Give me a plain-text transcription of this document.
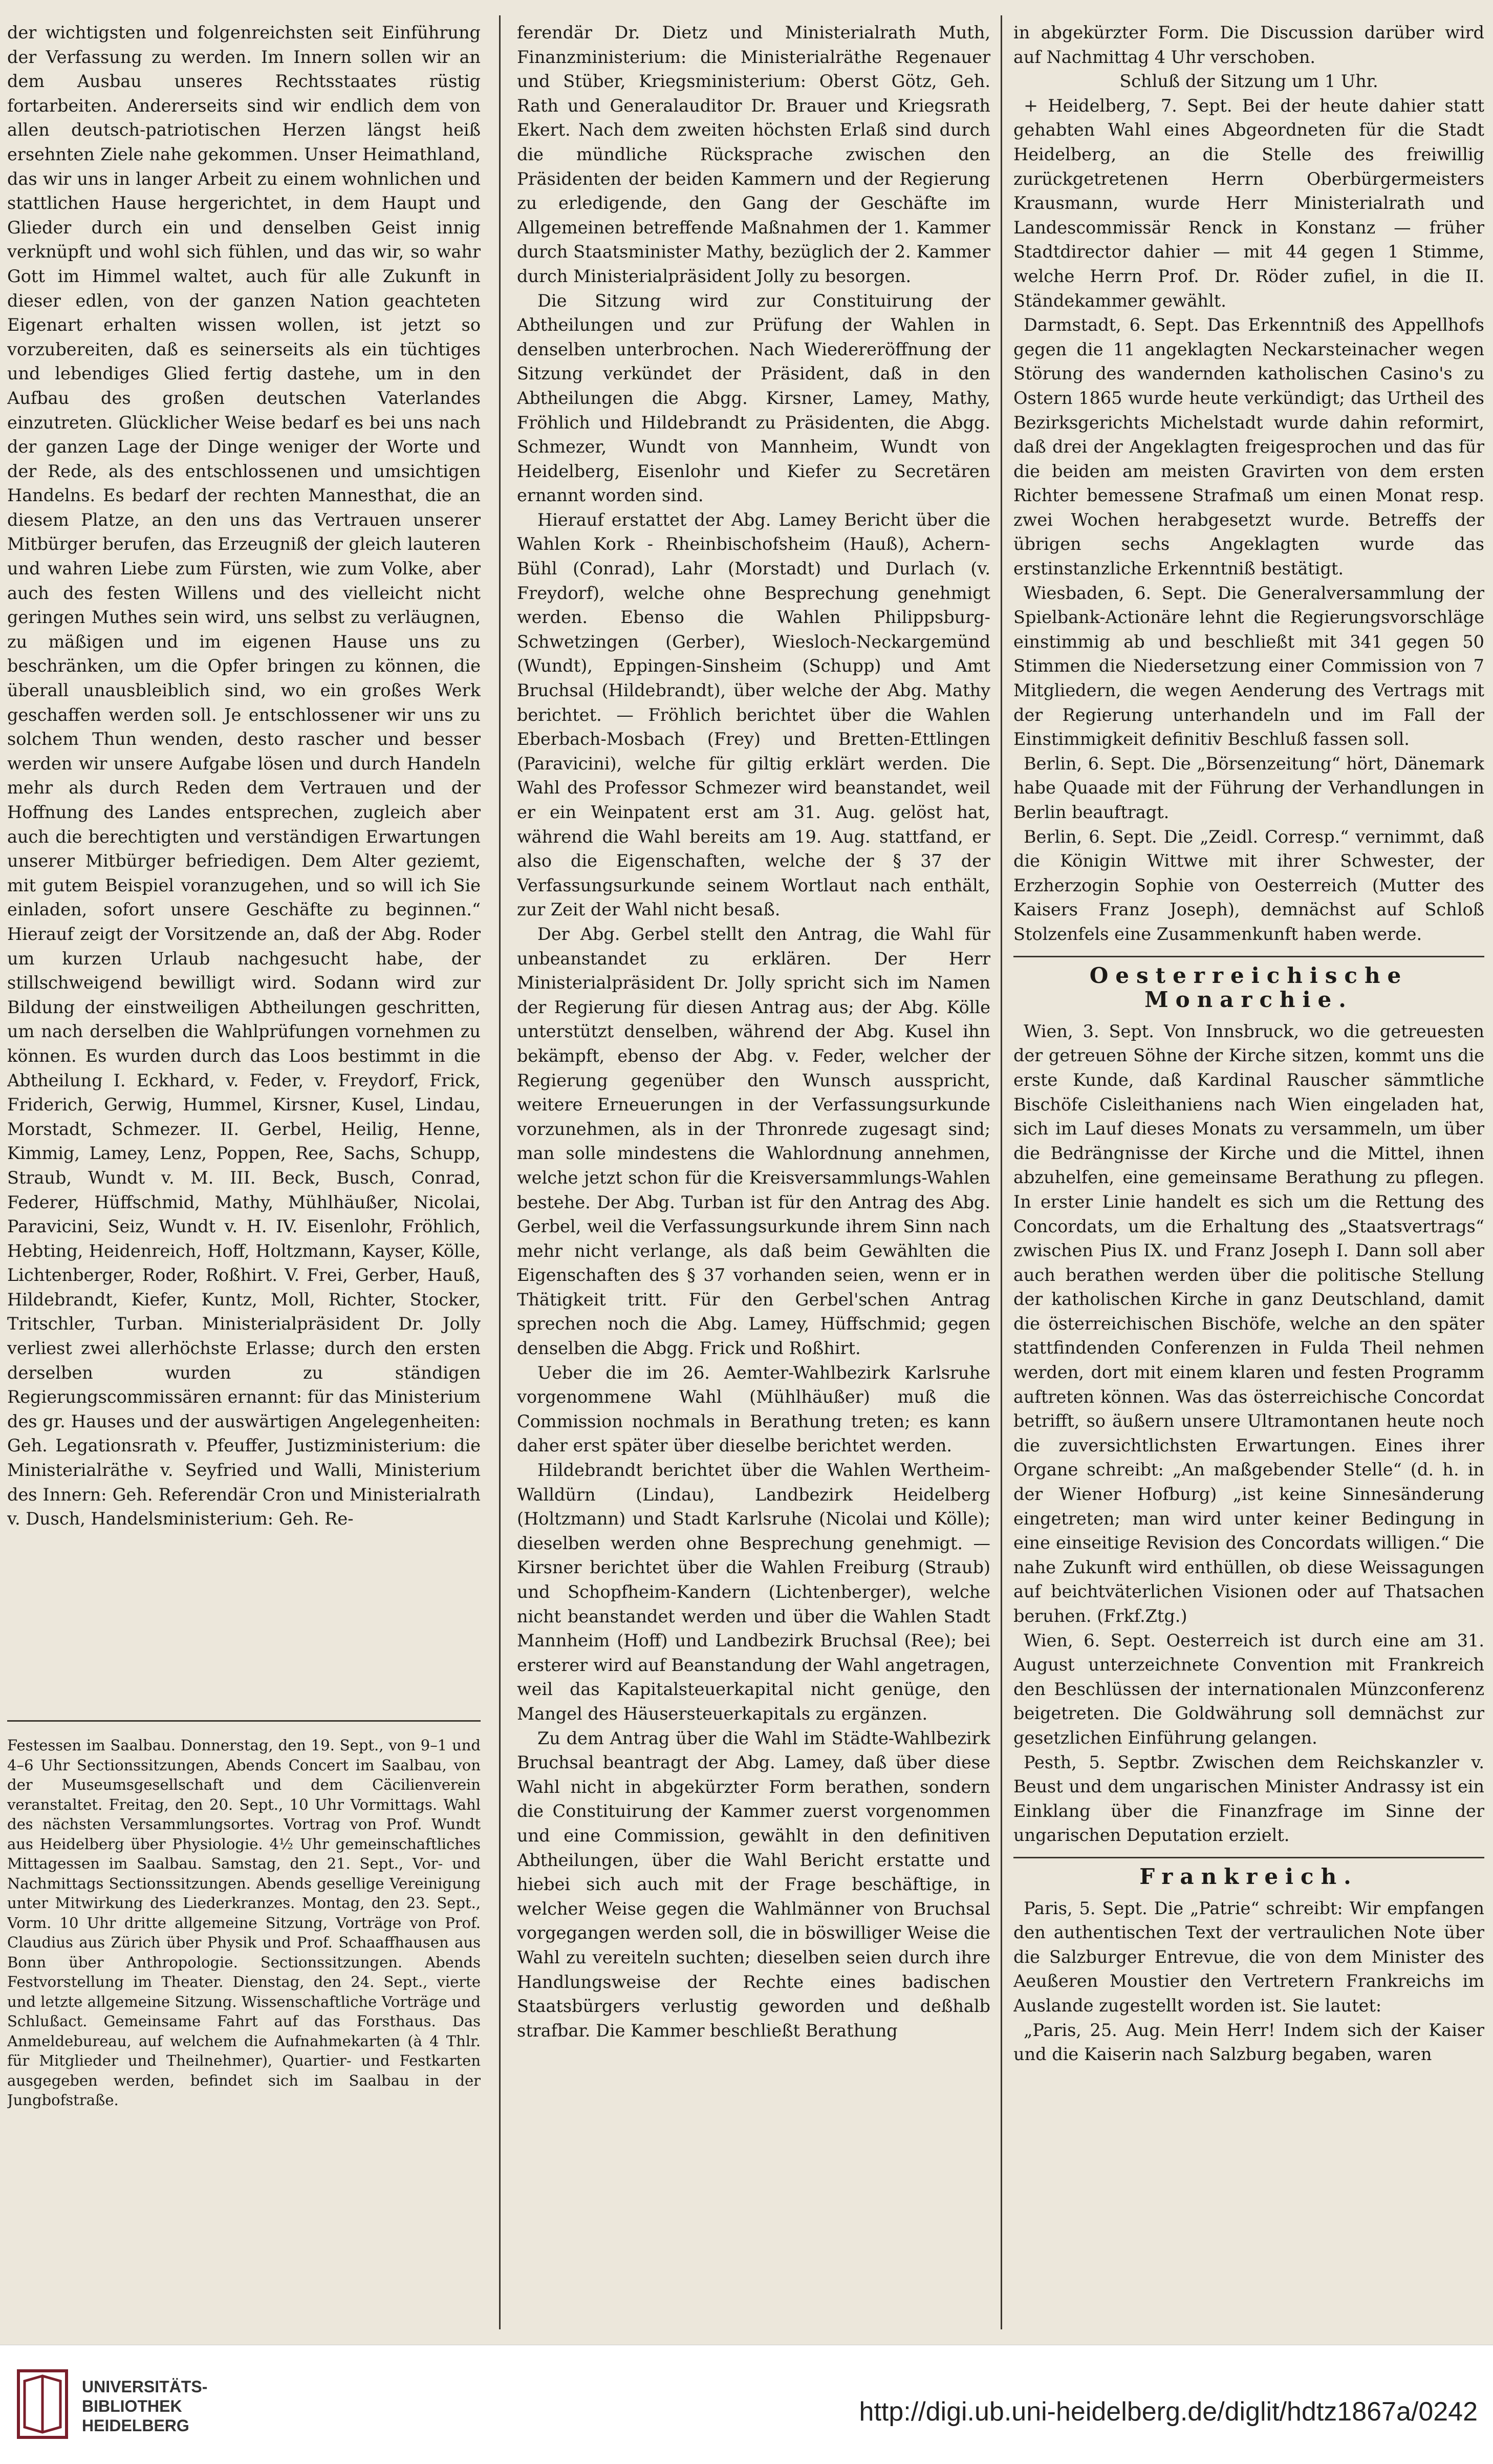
der wichtigsten und folgenreichsten seit Einführung der Verfassung zu werden. Im Innern sollen wir an dem Ausbau unseres Rechtsstaates rüstig fortarbeiten. Andererseits sind wir endlich dem von allen deutsch-patriotischen Herzen längst heiß ersehnten Ziele nahe gekommen. Unser Heimathland, das wir uns in langer Arbeit zu einem wohnlichen und stattlichen Hause hergerichtet, in dem Haupt und Glieder durch ein und denselben Geist innig verknüpft und wohl sich fühlen, und das wir, so wahr Gott im Himmel waltet, auch für alle Zukunft in dieser edlen, von der ganzen Nation geachteten Eigenart erhalten wissen wollen, ist jetzt so vorzubereiten, daß es seinerseits als ein tüchtiges und lebendiges Glied fertig dastehe, um in den Aufbau des großen deutschen Vaterlandes einzutreten. Glücklicher Weise bedarf es bei uns nach der ganzen Lage der Dinge weniger der Worte und der Rede, als des entschlossenen und umsichtigen Handelns. Es bedarf der rechten Mannesthat, die an diesem Platze, an den uns das Vertrauen unserer Mitbürger berufen, das Erzeugniß der gleich lauteren und wahren Liebe zum Fürsten, wie zum Volke, aber auch des festen Willens und des vielleicht nicht geringen Muthes sein wird, uns selbst zu verläugnen, zu mäßigen und im eigenen Hause uns zu beschränken, um die Opfer bringen zu können, die überall unausbleiblich sind, wo ein großes Werk geschaffen werden soll. Je entschlossener wir uns zu solchem Thun wenden, desto rascher und besser werden wir unsere Aufgabe lösen und durch Handeln mehr als durch Reden dem Vertrauen und der Hoffnung des Landes entsprechen, zugleich aber auch die berechtigten und verständigen Erwartungen unserer Mitbürger befriedigen. Dem Alter geziemt, mit gutem Beispiel voranzugehen, und so will ich Sie einladen, sofort unsere Geschäfte zu beginnen.“ Hierauf zeigt der Vorsitzende an, daß der Abg. Roder um kurzen Urlaub nachgesucht habe, der stillschweigend bewilligt wird. Sodann wird zur Bildung der einstweiligen Abtheilungen geschritten, um nach derselben die Wahlprüfungen vornehmen zu können. Es wurden durch das Loos bestimmt in die Abtheilung I. Eckhard, v. Feder, v. Freydorf, Frick, Friderich, Gerwig, Hummel, Kirsner, Kusel, Lindau, Morstadt, Schmezer. II. Gerbel, Heilig, Henne, Kimmig, Lamey, Lenz, Poppen, Ree, Sachs, Schupp, Straub, Wundt v. M. III. Beck, Busch, Conrad, Federer, Hüffschmid, Mathy, Mühlhäußer, Nicolai, Paravicini, Seiz, Wundt v. H. IV. Eisenlohr, Fröhlich, Hebting, Heidenreich, Hoff, Holtzmann, Kayser, Kölle, Lichtenberger, Roder, Roßhirt. V. Frei, Gerber, Hauß, Hildebrandt, Kiefer, Kuntz, Moll, Richter, Stocker, Tritschler, Turban. Ministerialpräsident Dr. Jolly verliest zwei allerhöchste Erlasse; durch den ersten derselben wurden zu ständigen Regierungscommissären ernannt: für das Ministerium des gr. Hauses und der auswärtigen Angelegenheiten: Geh. Legationsrath v. Pfeuffer, Justizministerium: die Ministerialräthe v. Seyfried und Walli, Ministerium des Innern: Geh. Referendär Cron und Ministerialrath v. Dusch, Handelsministerium: Geh. Re-

Festessen im Saalbau. Donnerstag, den 19. Sept., von 9–1 und 4–6 Uhr Sectionssitzungen, Abends Concert im Saalbau, von der Museumsgesellschaft und dem Cäcilienverein veranstaltet. Freitag, den 20. Sept., 10 Uhr Vormittags. Wahl des nächsten Versammlungsortes. Vortrag von Prof. Wundt aus Heidelberg über Physiologie. 4½ Uhr gemeinschaftliches Mittagessen im Saalbau. Samstag, den 21. Sept., Vor- und Nachmittags Sectionssitzungen. Abends gesellige Vereinigung unter Mitwirkung des Liederkranzes. Montag, den 23. Sept., Vorm. 10 Uhr dritte allgemeine Sitzung, Vorträge von Prof. Claudius aus Zürich über Physik und Prof. Schaaffhausen aus Bonn über Anthropologie. Sectionssitzungen. Abends Festvorstellung im Theater. Dienstag, den 24. Sept., vierte und letzte allgemeine Sitzung. Wissenschaftliche Vorträge und Schlußact. Gemeinsame Fahrt auf das Forsthaus. Das Anmeldebureau, auf welchem die Aufnahmekarten (à 4 Thlr. für Mitglieder und Theilnehmer), Quartier- und Festkarten ausgegeben werden, befindet sich im Saalbau in der Jungbofstraße.

ferendär Dr. Dietz und Ministerialrath Muth, Finanzministerium: die Ministerialräthe Regenauer und Stüber, Kriegsministerium: Oberst Götz, Geh. Rath und Generalauditor Dr. Brauer und Kriegsrath Ekert. Nach dem zweiten höchsten Erlaß sind durch die mündliche Rücksprache zwischen den Präsidenten der beiden Kammern und der Regierung zu erledigende, den Gang der Geschäfte im Allgemeinen betreffende Maßnahmen der 1. Kammer durch Staatsminister Mathy, bezüglich der 2. Kammer durch Ministerialpräsident Jolly zu besorgen.

Die Sitzung wird zur Constituirung der Abtheilungen und zur Prüfung der Wahlen in denselben unterbrochen. Nach Wiedereröffnung der Sitzung verkündet der Präsident, daß in den Abtheilungen die Abgg. Kirsner, Lamey, Mathy, Fröhlich und Hildebrandt zu Präsidenten, die Abgg. Schmezer, Wundt von Mannheim, Wundt von Heidelberg, Eisenlohr und Kiefer zu Secretären ernannt worden sind.

Hierauf erstattet der Abg. Lamey Bericht über die Wahlen Kork - Rheinbischofsheim (Hauß), Achern-Bühl (Conrad), Lahr (Morstadt) und Durlach (v. Freydorf), welche ohne Besprechung genehmigt werden. Ebenso die Wahlen Philippsburg-Schwetzingen (Gerber), Wiesloch-Neckargemünd (Wundt), Eppingen-Sinsheim (Schupp) und Amt Bruchsal (Hildebrandt), über welche der Abg. Mathy berichtet. — Fröhlich berichtet über die Wahlen Eberbach-Mosbach (Frey) und Bretten-Ettlingen (Paravicini), welche für giltig erklärt werden. Die Wahl des Professor Schmezer wird beanstandet, weil er ein Weinpatent erst am 31. Aug. gelöst hat, während die Wahl bereits am 19. Aug. stattfand, er also die Eigenschaften, welche der § 37 der Verfassungsurkunde seinem Wortlaut nach enthält, zur Zeit der Wahl nicht besaß.

Der Abg. Gerbel stellt den Antrag, die Wahl für unbeanstandet zu erklären. Der Herr Ministerialpräsident Dr. Jolly spricht sich im Namen der Regierung für diesen Antrag aus; der Abg. Kölle unterstützt denselben, während der Abg. Kusel ihn bekämpft, ebenso der Abg. v. Feder, welcher der Regierung gegenüber den Wunsch ausspricht, weitere Erneuerungen in der Verfassungsurkunde vorzunehmen, als in der Thronrede zugesagt sind; man solle mindestens die Wahlordnung annehmen, welche jetzt schon für die Kreisversammlungs-Wahlen bestehe. Der Abg. Turban ist für den Antrag des Abg. Gerbel, weil die Verfassungsurkunde ihrem Sinn nach mehr nicht verlange, als daß beim Gewählten die Eigenschaften des § 37 vorhanden seien, wenn er in Thätigkeit tritt. Für den Gerbel'schen Antrag sprechen noch die Abg. Lamey, Hüffschmid; gegen denselben die Abgg. Frick und Roßhirt.

Ueber die im 26. Aemter-Wahlbezirk Karlsruhe vorgenommene Wahl (Mühlhäußer) muß die Commission nochmals in Berathung treten; es kann daher erst später über dieselbe berichtet werden.

Hildebrandt berichtet über die Wahlen Wertheim-Walldürn (Lindau), Landbezirk Heidelberg (Holtzmann) und Stadt Karlsruhe (Nicolai und Kölle); dieselben werden ohne Besprechung genehmigt. — Kirsner berichtet über die Wahlen Freiburg (Straub) und Schopfheim-Kandern (Lichtenberger), welche nicht beanstandet werden und über die Wahlen Stadt Mannheim (Hoff) und Landbezirk Bruchsal (Ree); bei ersterer wird auf Beanstandung der Wahl angetragen, weil das Kapitalsteuerkapital nicht genüge, den Mangel des Häusersteuerkapitals zu ergänzen.

Zu dem Antrag über die Wahl im Städte-Wahlbezirk Bruchsal beantragt der Abg. Lamey, daß über diese Wahl nicht in abgekürzter Form berathen, sondern die Constituirung der Kammer zuerst vorgenommen und eine Commission, gewählt in den definitiven Abtheilungen, über die Wahl Bericht erstatte und hiebei sich auch mit der Frage beschäftige, in welcher Weise gegen die Wahlmänner von Bruchsal vorgegangen werden soll, die in böswilliger Weise die Wahl zu vereiteln suchten; dieselben seien durch ihre Handlungsweise der Rechte eines badischen Staatsbürgers verlustig geworden und deßhalb strafbar. Die Kammer beschließt Berathung

in abgekürzter Form. Die Discussion darüber wird auf Nachmittag 4 Uhr verschoben.

Schluß der Sitzung um 1 Uhr.

+ Heidelberg, 7. Sept. Bei der heute dahier statt gehabten Wahl eines Abgeordneten für die Stadt Heidelberg, an die Stelle des freiwillig zurückgetretenen Herrn Oberbürgermeisters Krausmann, wurde Herr Ministerialrath und Landescommissär Renck in Konstanz — früher Stadtdirector dahier — mit 44 gegen 1 Stimme, welche Herrn Prof. Dr. Röder zufiel, in die II. Ständekammer gewählt.

Darmstadt, 6. Sept. Das Erkenntniß des Appellhofs gegen die 11 angeklagten Neckarsteinacher wegen Störung des wandernden katholischen Casino's zu Ostern 1865 wurde heute verkündigt; das Urtheil des Bezirksgerichts Michelstadt wurde dahin reformirt, daß drei der Angeklagten freigesprochen und das für die beiden am meisten Gravirten von dem ersten Richter bemessene Strafmaß um einen Monat resp. zwei Wochen herabgesetzt wurde. Betreffs der übrigen sechs Angeklagten wurde das erstinstanzliche Erkenntniß bestätigt.

Wiesbaden, 6. Sept. Die Generalversammlung der Spielbank-Actionäre lehnt die Regierungsvorschläge einstimmig ab und beschließt mit 341 gegen 50 Stimmen die Niedersetzung einer Commission von 7 Mitgliedern, die wegen Aenderung des Vertrags mit der Regierung unterhandeln und im Fall der Einstimmigkeit definitiv Beschluß fassen soll.

Berlin, 6. Sept. Die „Börsenzeitung“ hört, Dänemark habe Quaade mit der Führung der Verhandlungen in Berlin beauftragt.

Berlin, 6. Sept. Die „Zeidl. Corresp.“ vernimmt, daß die Königin Wittwe mit ihrer Schwester, der Erzherzogin Sophie von Oesterreich (Mutter des Kaisers Franz Joseph), demnächst auf Schloß Stolzenfels eine Zusammenkunft haben werde.

Oesterreichische Monarchie.

Wien, 3. Sept. Von Innsbruck, wo die getreuesten der getreuen Söhne der Kirche sitzen, kommt uns die erste Kunde, daß Kardinal Rauscher sämmtliche Bischöfe Cisleithaniens nach Wien eingeladen hat, sich im Lauf dieses Monats zu versammeln, um über die Bedrängnisse der Kirche und die Mittel, ihnen abzuhelfen, eine gemeinsame Berathung zu pflegen. In erster Linie handelt es sich um die Rettung des Concordats, um die Erhaltung des „Staatsvertrags“ zwischen Pius IX. und Franz Joseph I. Dann soll aber auch berathen werden über die politische Stellung der katholischen Kirche in ganz Deutschland, damit die österreichischen Bischöfe, welche an den später stattfindenden Conferenzen in Fulda Theil nehmen werden, dort mit einem klaren und festen Programm auftreten können. Was das österreichische Concordat betrifft, so äußern unsere Ultramontanen heute noch die zuversichtlichsten Erwartungen. Eines ihrer Organe schreibt: „An maßgebender Stelle“ (d. h. in der Wiener Hofburg) „ist keine Sinnesänderung eingetreten; man wird unter keiner Bedingung in eine einseitige Revision des Concordats willigen.“ Die nahe Zukunft wird enthüllen, ob diese Weissagungen auf beichtväterlichen Visionen oder auf Thatsachen beruhen. (Frkf.Ztg.)

Wien, 6. Sept. Oesterreich ist durch eine am 31. August unterzeichnete Convention mit Frankreich den Beschlüssen der internationalen Münzconferenz beigetreten. Die Goldwährung soll demnächst zur gesetzlichen Einführung gelangen.

Pesth, 5. Septbr. Zwischen dem Reichskanzler v. Beust und dem ungarischen Minister Andrassy ist ein Einklang über die Finanzfrage im Sinne der ungarischen Deputation erzielt.

Frankreich.

Paris, 5. Sept. Die „Patrie“ schreibt: Wir empfangen den authentischen Text der vertraulichen Note über die Salzburger Entrevue, die von dem Minister des Aeußeren Moustier den Vertretern Frankreichs im Auslande zugestellt worden ist. Sie lautet:

„Paris, 25. Aug. Mein Herr! Indem sich der Kaiser und die Kaiserin nach Salzburg begaben, waren

UNIVERSITÄTS-
BIBLIOTHEK
HEIDELBERG	http://digi.ub.uni-heidelberg.de/diglit/hdtz1867a/0242
